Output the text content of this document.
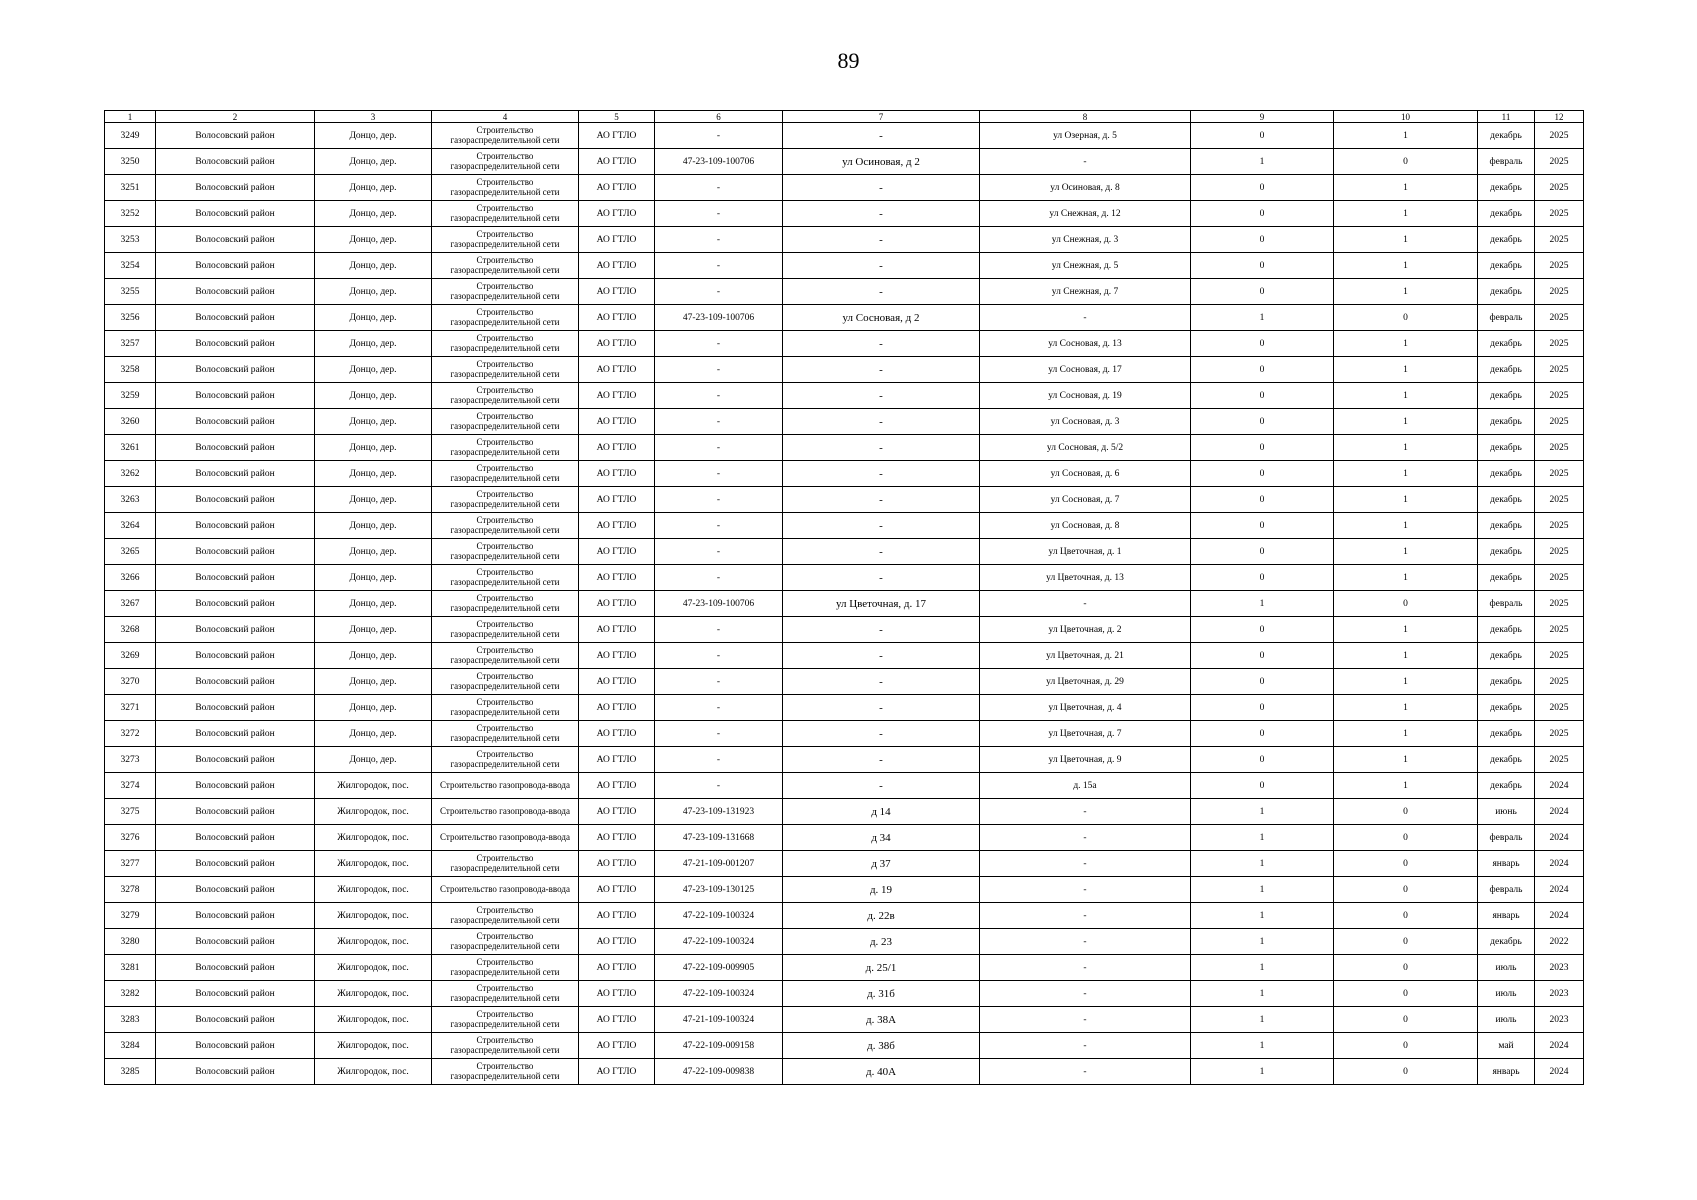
89
1	2	3	4	5	6	7	8	9	10	11	12
3249	Волосовский район	Донцо, дер.	Строительство газораспределительной сети	АО ГТЛО	-	-	ул Озерная, д. 5	0	1	декабрь	2025
3250	Волосовский район	Донцо, дер.	Строительство газораспределительной сети	АО ГТЛО	47-23-109-100706	ул Осиновая, д 2	-	1	0	февраль	2025
3251	Волосовский район	Донцо, дер.	Строительство газораспределительной сети	АО ГТЛО	-	-	ул Осиновая, д. 8	0	1	декабрь	2025
3252	Волосовский район	Донцо, дер.	Строительство газораспределительной сети	АО ГТЛО	-	-	ул Снежная, д. 12	0	1	декабрь	2025
3253	Волосовский район	Донцо, дер.	Строительство газораспределительной сети	АО ГТЛО	-	-	ул Снежная, д. 3	0	1	декабрь	2025
3254	Волосовский район	Донцо, дер.	Строительство газораспределительной сети	АО ГТЛО	-	-	ул Снежная, д. 5	0	1	декабрь	2025
3255	Волосовский район	Донцо, дер.	Строительство газораспределительной сети	АО ГТЛО	-	-	ул Снежная, д. 7	0	1	декабрь	2025
3256	Волосовский район	Донцо, дер.	Строительство газораспределительной сети	АО ГТЛО	47-23-109-100706	ул Сосновая, д 2	-	1	0	февраль	2025
3257	Волосовский район	Донцо, дер.	Строительство газораспределительной сети	АО ГТЛО	-	-	ул Сосновая, д. 13	0	1	декабрь	2025
3258	Волосовский район	Донцо, дер.	Строительство газораспределительной сети	АО ГТЛО	-	-	ул Сосновая, д. 17	0	1	декабрь	2025
3259	Волосовский район	Донцо, дер.	Строительство газораспределительной сети	АО ГТЛО	-	-	ул Сосновая, д. 19	0	1	декабрь	2025
3260	Волосовский район	Донцо, дер.	Строительство газораспределительной сети	АО ГТЛО	-	-	ул Сосновая, д. 3	0	1	декабрь	2025
3261	Волосовский район	Донцо, дер.	Строительство газораспределительной сети	АО ГТЛО	-	-	ул Сосновая, д. 5/2	0	1	декабрь	2025
3262	Волосовский район	Донцо, дер.	Строительство газораспределительной сети	АО ГТЛО	-	-	ул Сосновая, д. 6	0	1	декабрь	2025
3263	Волосовский район	Донцо, дер.	Строительство газораспределительной сети	АО ГТЛО	-	-	ул Сосновая, д. 7	0	1	декабрь	2025
3264	Волосовский район	Донцо, дер.	Строительство газораспределительной сети	АО ГТЛО	-	-	ул Сосновая, д. 8	0	1	декабрь	2025
3265	Волосовский район	Донцо, дер.	Строительство газораспределительной сети	АО ГТЛО	-	-	ул Цветочная, д. 1	0	1	декабрь	2025
3266	Волосовский район	Донцо, дер.	Строительство газораспределительной сети	АО ГТЛО	-	-	ул Цветочная, д. 13	0	1	декабрь	2025
3267	Волосовский район	Донцо, дер.	Строительство газораспределительной сети	АО ГТЛО	47-23-109-100706	ул Цветочная, д. 17	-	1	0	февраль	2025
3268	Волосовский район	Донцо, дер.	Строительство газораспределительной сети	АО ГТЛО	-	-	ул Цветочная, д. 2	0	1	декабрь	2025
3269	Волосовский район	Донцо, дер.	Строительство газораспределительной сети	АО ГТЛО	-	-	ул Цветочная, д. 21	0	1	декабрь	2025
3270	Волосовский район	Донцо, дер.	Строительство газораспределительной сети	АО ГТЛО	-	-	ул Цветочная, д. 29	0	1	декабрь	2025
3271	Волосовский район	Донцо, дер.	Строительство газораспределительной сети	АО ГТЛО	-	-	ул Цветочная, д. 4	0	1	декабрь	2025
3272	Волосовский район	Донцо, дер.	Строительство газораспределительной сети	АО ГТЛО	-	-	ул Цветочная, д. 7	0	1	декабрь	2025
3273	Волосовский район	Донцо, дер.	Строительство газораспределительной сети	АО ГТЛО	-	-	ул Цветочная, д. 9	0	1	декабрь	2025
3274	Волосовский район	Жилгородок, пос.	Строительство газопровода-ввода	АО ГТЛО	-	-	д. 15а	0	1	декабрь	2024
3275	Волосовский район	Жилгородок, пос.	Строительство газопровода-ввода	АО ГТЛО	47-23-109-131923	д 14	-	1	0	июнь	2024
3276	Волосовский район	Жилгородок, пос.	Строительство газопровода-ввода	АО ГТЛО	47-23-109-131668	д 34	-	1	0	февраль	2024
3277	Волосовский район	Жилгородок, пос.	Строительство газораспределительной сети	АО ГТЛО	47-21-109-001207	д 37	-	1	0	январь	2024
3278	Волосовский район	Жилгородок, пос.	Строительство газопровода-ввода	АО ГТЛО	47-23-109-130125	д. 19	-	1	0	февраль	2024
3279	Волосовский район	Жилгородок, пос.	Строительство газораспределительной сети	АО ГТЛО	47-22-109-100324	д. 22в	-	1	0	январь	2024
3280	Волосовский район	Жилгородок, пос.	Строительство газораспределительной сети	АО ГТЛО	47-22-109-100324	д. 23	-	1	0	декабрь	2022
3281	Волосовский район	Жилгородок, пос.	Строительство газораспределительной сети	АО ГТЛО	47-22-109-009905	д. 25/1	-	1	0	июль	2023
3282	Волосовский район	Жилгородок, пос.	Строительство газораспределительной сети	АО ГТЛО	47-22-109-100324	д. 31б	-	1	0	июль	2023
3283	Волосовский район	Жилгородок, пос.	Строительство газораспределительной сети	АО ГТЛО	47-21-109-100324	д. 38А	-	1	0	июль	2023
3284	Волосовский район	Жилгородок, пос.	Строительство газораспределительной сети	АО ГТЛО	47-22-109-009158	д. 38б	-	1	0	май	2024
3285	Волосовский район	Жилгородок, пос.	Строительство газораспределительной сети	АО ГТЛО	47-22-109-009838	д. 40А	-	1	0	январь	2024
